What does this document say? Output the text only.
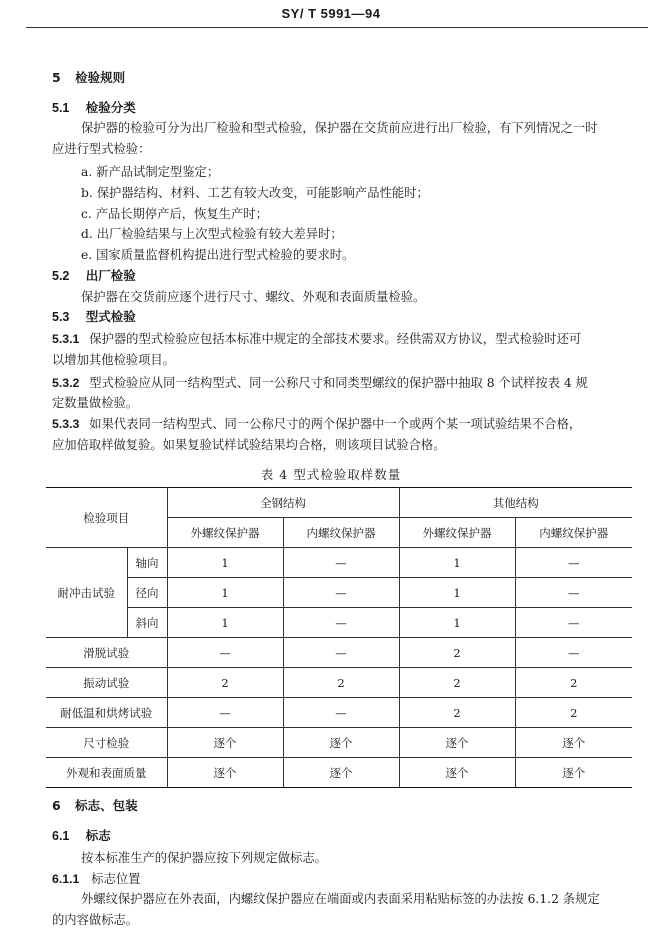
SY/ T 5991—94
5 检验规则
5.1 检验分类
保护器的检验可分为出厂检验和型式检验，保护器在交货前应进行出厂检验，有下列情况之一时
应进行型式检验：
a. 新产品试制定型鉴定；
b. 保护器结构、材料、工艺有较大改变，可能影响产品性能时；
c. 产品长期停产后，恢复生产时；
d. 出厂检验结果与上次型式检验有较大差异时；
e. 国家质量监督机构提出进行型式检验的要求时。
5.2 出厂检验
保护器在交货前应逐个进行尺寸、螺纹、外观和表面质量检验。
5.3 型式检验
5.3.1 保护器的型式检验应包括本标准中规定的全部技术要求。经供需双方协议，型式检验时还可
以增加其他检验项目。
5.3.2 型式检验应从同一结构型式、同一公称尺寸和同类型螺纹的保护器中抽取 8 个试样按表 4 规
定数量做检验。
5.3.3 如果代表同一结构型式、同一公称尺寸的两个保护器中一个或两个某一项试验结果不合格，
应加倍取样做复验。如果复验试样试验结果均合格，则该项目试验合格。
表 4 型式检验取样数量
检验项目		全钢结构		其他结构	
		外螺纹保护器	内螺纹保护器	外螺纹保护器	内螺纹保护器
耐冲击试验	轴向	1	—	1	—
	径向	1	—	1	—
	斜向	1	—	1	—
滑脱试验		—	—	2	—
振动试验		2	2	2	2
耐低温和烘烤试验		—	—	2	2
尺寸检验		逐个	逐个	逐个	逐个
外观和表面质量		逐个	逐个	逐个	逐个
6 标志、包装
6.1 标志
按本标准生产的保护器应按下列规定做标志。
6.1.1 标志位置
外螺纹保护器应在外表面，内螺纹保护器应在端面或内表面采用粘贴标签的办法按 6.1.2 条规定
的内容做标志。
